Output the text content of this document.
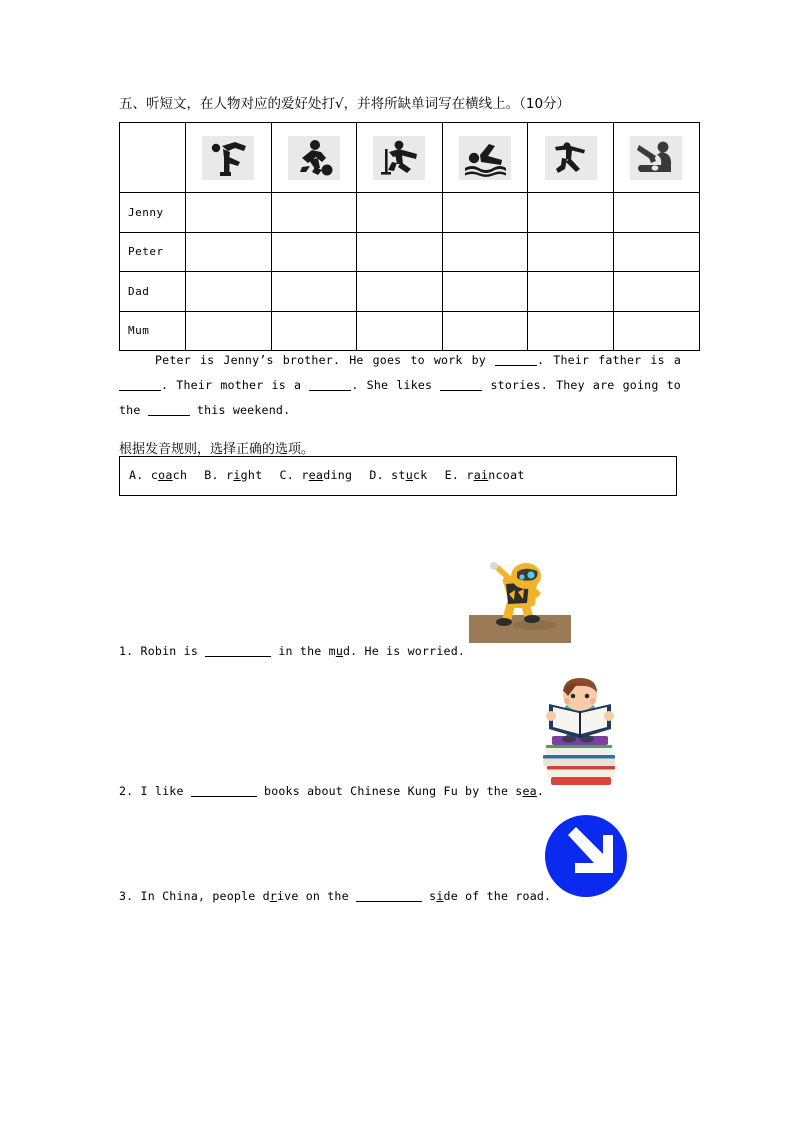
五、听短文，在人物对应的爱好处打√，并将所缺单词写在横线上。（10分）

Jenny						
Peter						
Dad						
Mum						
Peter is Jenny’s brother. He goes to work by	. Their father is a . Their mother is a	. She likes	stories. They are going to the	this weekend.
根据发音规则，选择正确的选项。
A. coach B. right C. reading D. stuck E. raincoat
1. Robin is	in the mud. He is worried.
2. I like	books about Chinese Kung Fu by the sea.
3. In China, people drive on the	side of the road.
